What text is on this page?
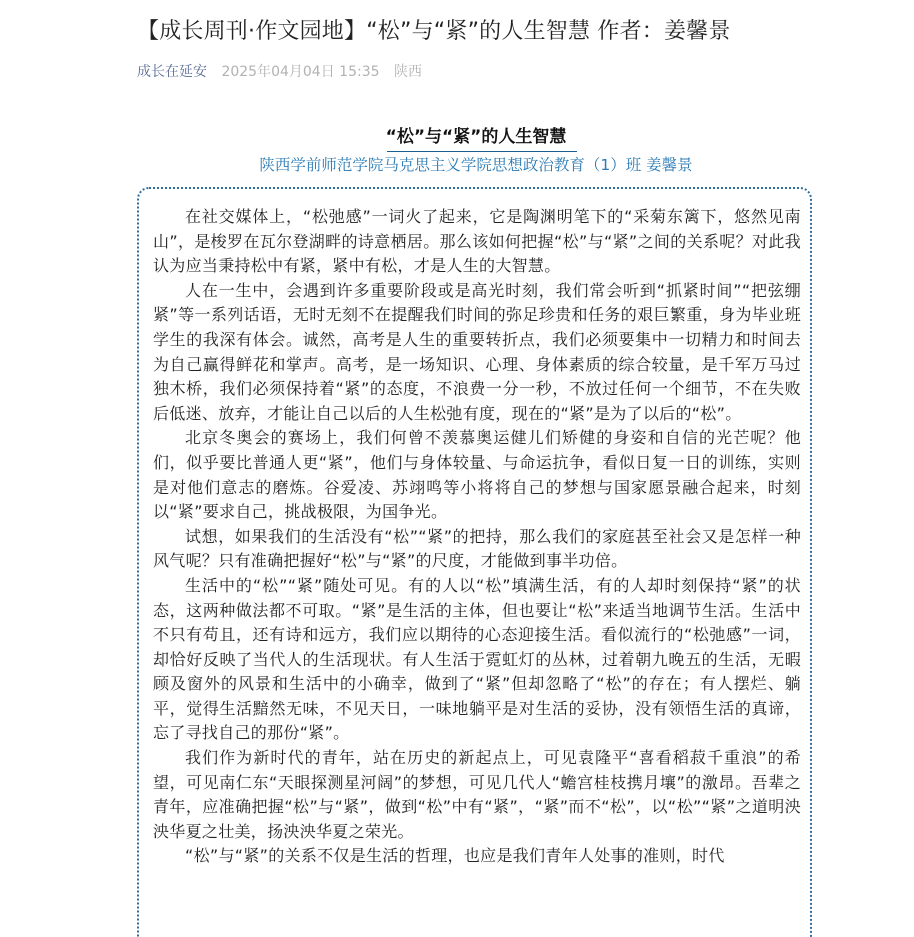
【成长周刊·作文园地】“松”与“紧”的人生智慧 作者：姜馨景
成长在延安 2025年04月04日 15:35 陕西
“松”与“紧”的人生智慧
陕西学前师范学院马克思主义学院思想政治教育（1）班 姜馨景

在社交媒体上，“松弛感”一词火了起来，它是陶渊明笔下的“采菊东篱下，悠然见南山”，是梭罗在瓦尔登湖畔的诗意栖居。那么该如何把握“松”与“紧”之间的关系呢？对此我认为应当秉持松中有紧，紧中有松，才是人生的大智慧。

人在一生中，会遇到许多重要阶段或是高光时刻，我们常会听到“抓紧时间”“把弦绷紧”等一系列话语，无时无刻不在提醒我们时间的弥足珍贵和任务的艰巨繁重，身为毕业班学生的我深有体会。诚然，高考是人生的重要转折点，我们必须要集中一切精力和时间去为自己赢得鲜花和掌声。高考，是一场知识、心理、身体素质的综合较量，是千军万马过独木桥，我们必须保持着“紧”的态度，不浪费一分一秒，不放过任何一个细节，不在失败后低迷、放弃，才能让自己以后的人生松弛有度，现在的“紧”是为了以后的“松”。

北京冬奥会的赛场上，我们何曾不羡慕奥运健儿们矫健的身姿和自信的光芒呢？他们，似乎要比普通人更“紧”，他们与身体较量、与命运抗争，看似日复一日的训练，实则是对他们意志的磨炼。谷爱凌、苏翊鸣等小将将自己的梦想与国家愿景融合起来，时刻以“紧”要求自己，挑战极限，为国争光。

试想，如果我们的生活没有“松”“紧”的把持，那么我们的家庭甚至社会又是怎样一种风气呢？只有准确把握好“松”与“紧”的尺度，才能做到事半功倍。

生活中的“松”“紧”随处可见。有的人以“松”填满生活，有的人却时刻保持“紧”的状态，这两种做法都不可取。“紧”是生活的主体，但也要让“松”来适当地调节生活。生活中不只有苟且，还有诗和远方，我们应以期待的心态迎接生活。看似流行的“松弛感”一词，却恰好反映了当代人的生活现状。有人生活于霓虹灯的丛林，过着朝九晚五的生活，无暇顾及窗外的风景和生活中的小确幸，做到了“紧”但却忽略了“松”的存在；有人摆烂、躺平，觉得生活黯然无味，不见天日，一味地躺平是对生活的妥协，没有领悟生活的真谛，忘了寻找自己的那份“紧”。

我们作为新时代的青年，站在历史的新起点上，可见袁隆平“喜看稻菽千重浪”的希望，可见南仁东“天眼探测星河阔”的梦想，可见几代人“蟾宫桂枝携月壤”的激昂。吾辈之青年，应准确把握“松”与“紧”，做到“松”中有“紧”，“紧”而不“松”，以“松”“紧”之道明泱泱华夏之壮美，扬泱泱华夏之荣光。

“松”与“紧”的关系不仅是生活的哲理，也应是我们青年人处事的准则，时代
